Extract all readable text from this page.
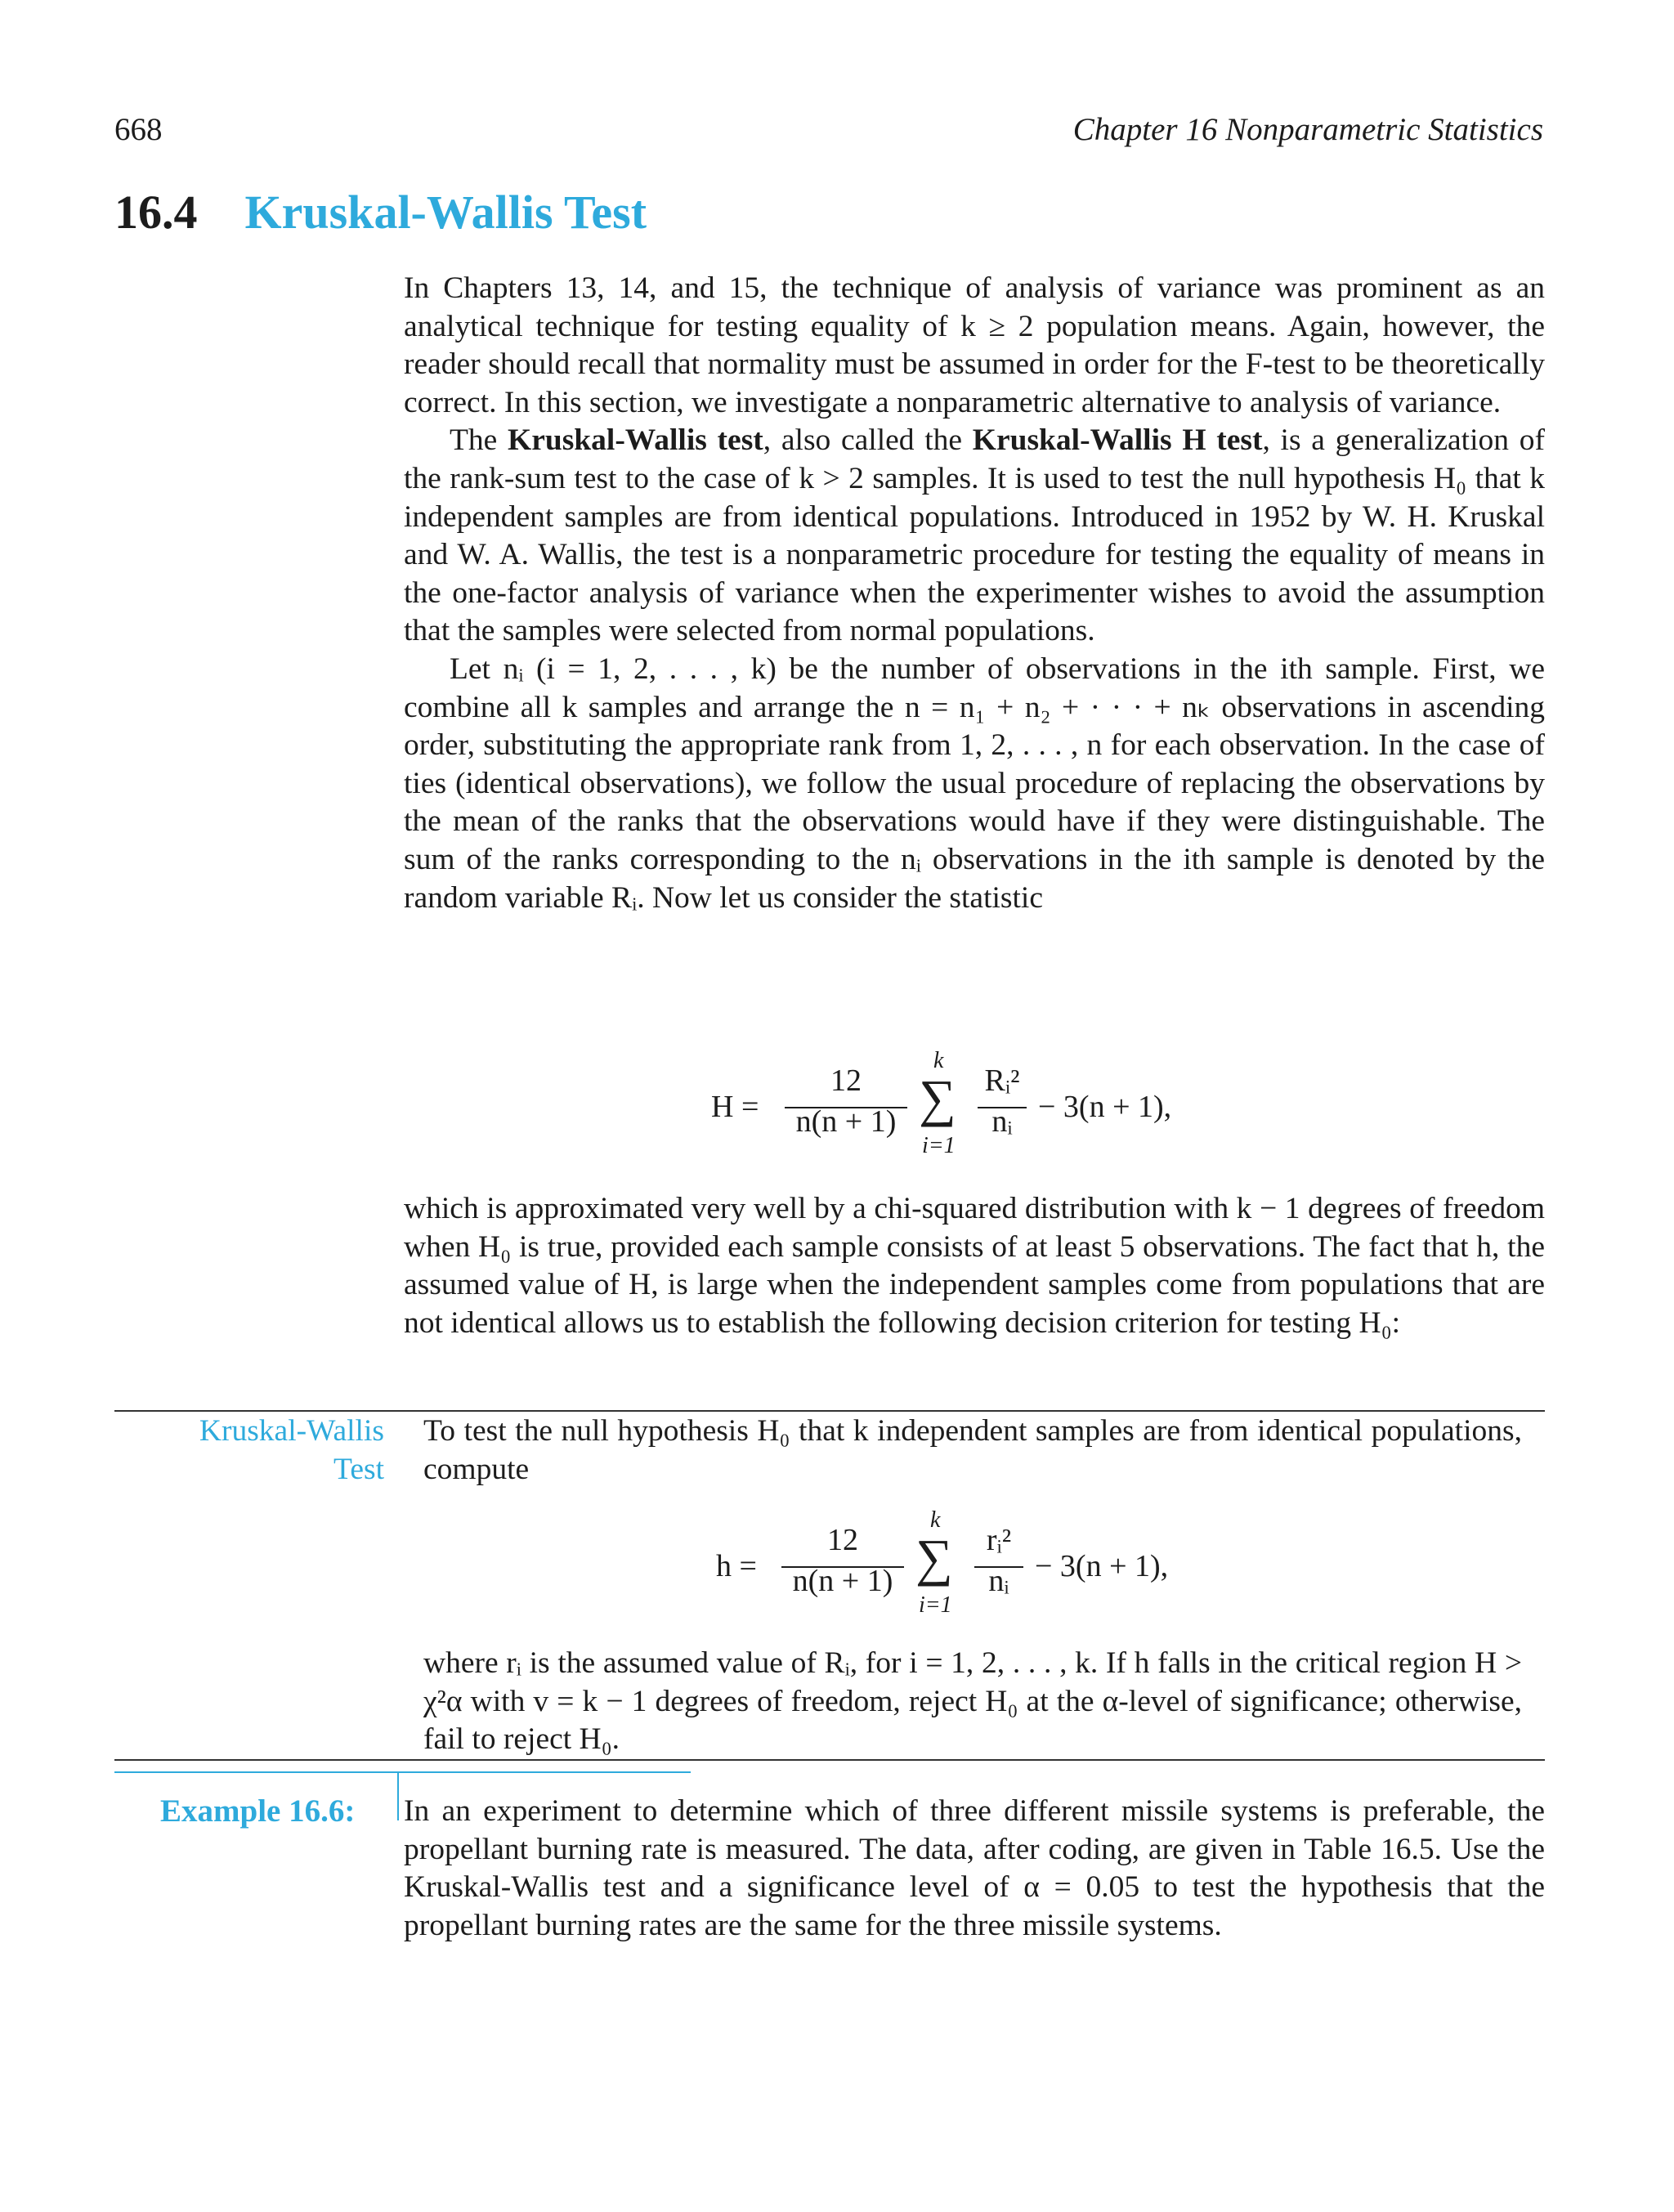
668	Chapter 16 Nonparametric Statistics
16.4 Kruskal-Wallis Test

In Chapters 13, 14, and 15, the technique of analysis of variance was prominent as an analytical technique for testing equality of k ≥ 2 population means. Again, however, the reader should recall that normality must be assumed in order for the F-test to be theoretically correct. In this section, we investigate a nonparametric alternative to analysis of variance.

The Kruskal-Wallis test, also called the Kruskal-Wallis H test, is a generalization of the rank-sum test to the case of k > 2 samples. It is used to test the null hypothesis H₀ that k independent samples are from identical populations. Introduced in 1952 by W. H. Kruskal and W. A. Wallis, the test is a nonparametric procedure for testing the equality of means in the one-factor analysis of variance when the experimenter wishes to avoid the assumption that the samples were selected from normal populations.

Let nᵢ (i = 1, 2, . . . , k) be the number of observations in the ith sample. First, we combine all k samples and arrange the n = n₁ + n₂ + · · · + nₖ observations in ascending order, substituting the appropriate rank from 1, 2, . . . , n for each observation. In the case of ties (identical observations), we follow the usual procedure of replacing the observations by the mean of the ranks that the observations would have if they were distinguishable. The sum of the ranks corresponding to the nᵢ observations in the ith sample is denoted by the random variable Rᵢ. Now let us consider the statistic

H =
12
n(n + 1)
k
∑
i=1
Rᵢ²
nᵢ − 3(n + 1),
which is approximated very well by a chi-squared distribution with k − 1 degrees of freedom when H₀ is true, provided each sample consists of at least 5 observations. The fact that h, the assumed value of H, is large when the independent samples come from populations that are not identical allows us to establish the following decision criterion for testing H₀:
Kruskal-Wallis
Test
To test the null hypothesis H₀ that k independent samples are from identical populations, compute
h =
12
n(n + 1)
k
∑
i=1
rᵢ²
nᵢ − 3(n + 1),
where rᵢ is the assumed value of Rᵢ, for i = 1, 2, . . . , k. If h falls in the critical region H > χ²α with v = k − 1 degrees of freedom, reject H₀ at the α-level of significance; otherwise, fail to reject H₀.
Example 16.6: In an experiment to determine which of three different missile systems is preferable, the propellant burning rate is measured. The data, after coding, are given in Table 16.5. Use the Kruskal-Wallis test and a significance level of α = 0.05 to test the hypothesis that the propellant burning rates are the same for the three missile systems.
